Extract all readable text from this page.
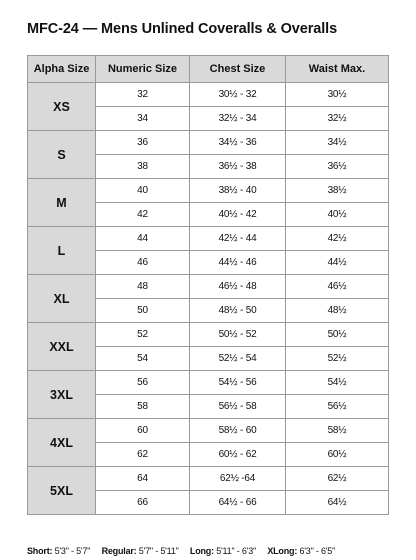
MFC-24 — Mens Unlined Coveralls & Overalls
Alpha Size	Numeric Size	Chest Size	Waist Max.
XS	32	30½ - 32	30½
	34	32½ - 34	32½
S	36	34½ - 36	34½
	38	36½ - 38	36½
M	40	38½ - 40	38½
	42	40½ - 42	40½
L	44	42½ - 44	42½
	46	44½ - 46	44½
XL	48	46½ - 48	46½
	50	48½ - 50	48½
XXL	52	50½ - 52	50½
	54	52½ - 54	52½
3XL	56	54½ - 56	54½
	58	56½ - 58	56½
4XL	60	58½ - 60	58½
	62	60½ - 62	60½
5XL	64	62½ -64	62½
	66	64½ - 66	64½
Short: 5'3" - 5'7" Regular: 5'7" - 5'11" Long: 5'11" - 6'3" XLong: 6'3" - 6'5"
